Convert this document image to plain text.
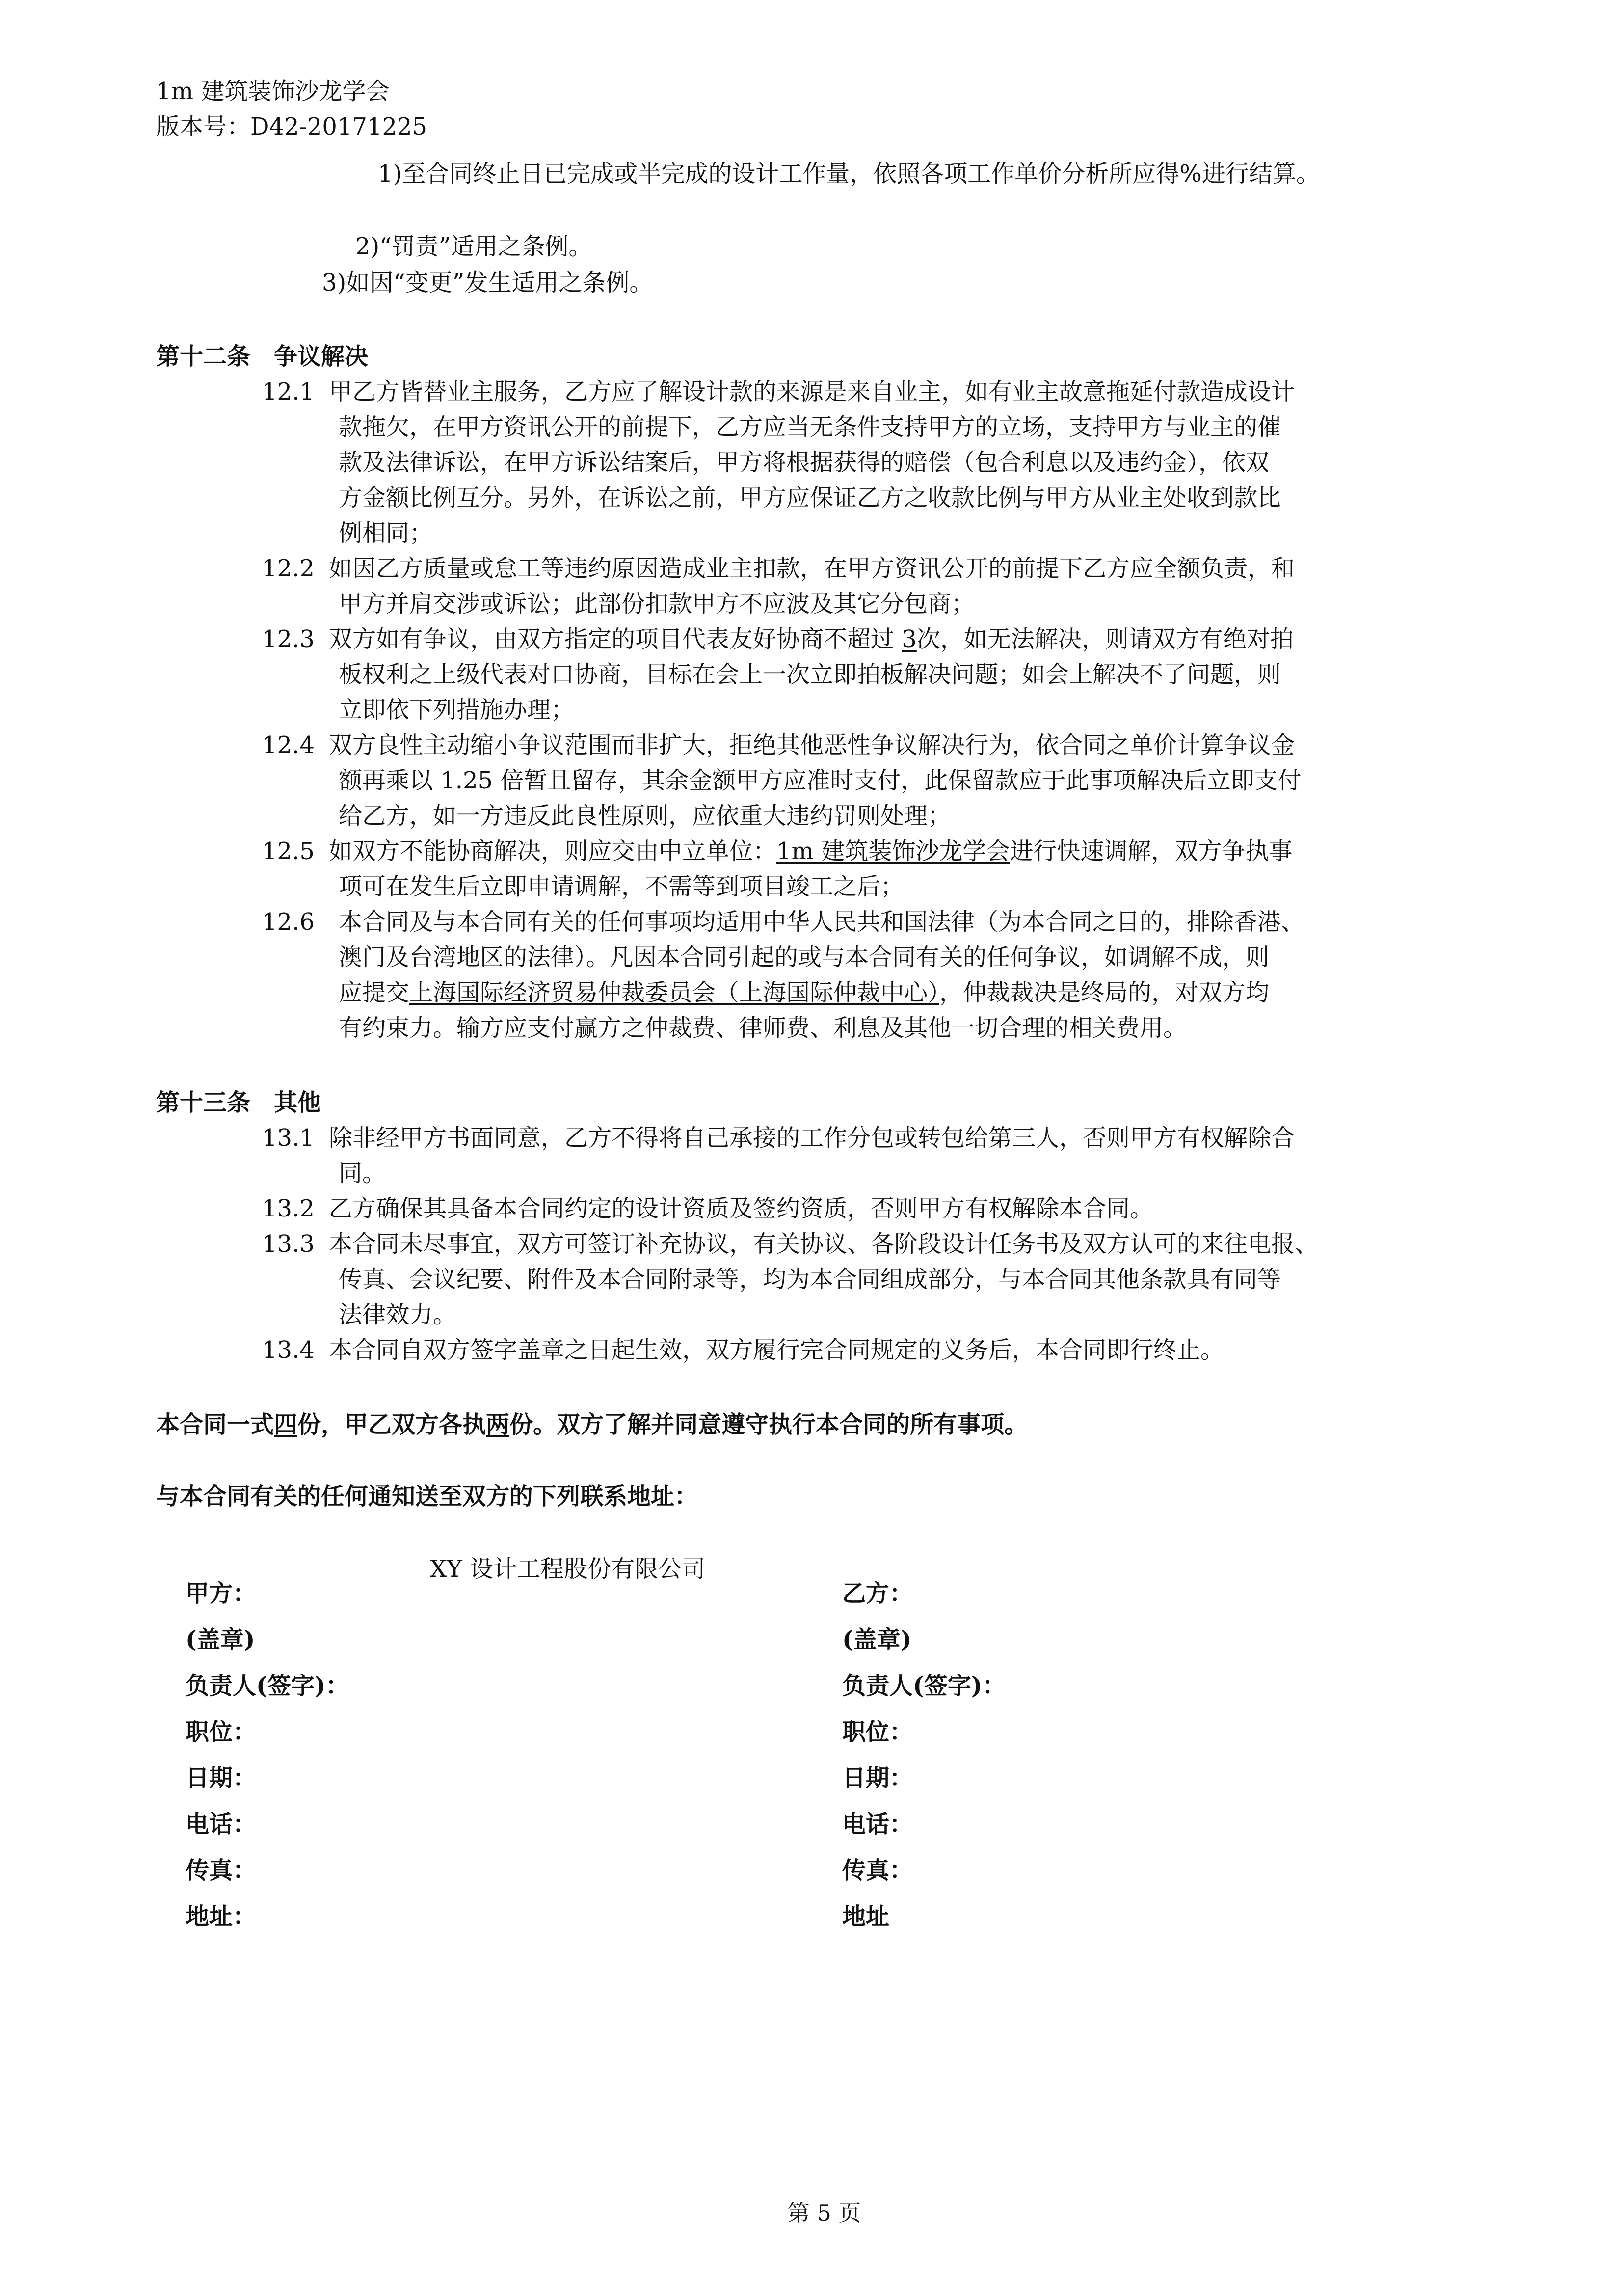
1m 建筑装饰沙龙学会
版本号：D42-20171225
1)至合同终止日已完成或半完成的设计工作量，依照各项工作单价分析所应得%进行结算。
2)“罚责”适用之条例。
3)如因“变更”发生适用之条例。
第十二条　争议解决
12.1 甲乙方皆替业主服务，乙方应了解设计款的来源是来自业主，如有业主故意拖延付款造成设计
款拖欠，在甲方资讯公开的前提下，乙方应当无条件支持甲方的立场，支持甲方与业主的催
款及法律诉讼，在甲方诉讼结案后，甲方将根据获得的赔偿（包合利息以及违约金），依双
方金额比例互分。另外，在诉讼之前，甲方应保证乙方之收款比例与甲方从业主处收到款比
例相同；
12.2 如因乙方质量或怠工等违约原因造成业主扣款，在甲方资讯公开的前提下乙方应全额负责，和
甲方并肩交涉或诉讼；此部份扣款甲方不应波及其它分包商；
12.3 双方如有争议，由双方指定的项目代表友好协商不超过 3次，如无法解决，则请双方有绝对拍
板权利之上级代表对口协商，目标在会上一次立即拍板解决问题；如会上解决不了问题，则
立即依下列措施办理；
12.4 双方良性主动缩小争议范围而非扩大，拒绝其他恶性争议解决行为，依合同之单价计算争议金
额再乘以 1.25 倍暂且留存，其余金额甲方应准时支付，此保留款应于此事项解决后立即支付
给乙方，如一方违反此良性原则，应依重大违约罚则处理；
12.5 如双方不能协商解决，则应交由中立单位：1m 建筑装饰沙龙学会进行快速调解，双方争执事
项可在发生后立即申请调解，不需等到项目竣工之后；
12.6 本合同及与本合同有关的任何事项均适用中华人民共和国法律（为本合同之目的，排除香港、
澳门及台湾地区的法律）。凡因本合同引起的或与本合同有关的任何争议，如调解不成，则
应提交上海国际经济贸易仲裁委员会（上海国际仲裁中心），仲裁裁决是终局的，对双方均
有约束力。输方应支付赢方之仲裁费、律师费、利息及其他一切合理的相关费用。
第十三条　其他
13.1 除非经甲方书面同意，乙方不得将自己承接的工作分包或转包给第三人，否则甲方有权解除合
同。
13.2 乙方确保其具备本合同约定的设计资质及签约资质，否则甲方有权解除本合同。
13.3 本合同未尽事宜，双方可签订补充协议，有关协议、各阶段设计任务书及双方认可的来往电报、
传真、会议纪要、附件及本合同附录等，均为本合同组成部分，与本合同其他条款具有同等
法律效力。
13.4 本合同自双方签字盖章之日起生效，双方履行完合同规定的义务后，本合同即行终止。
本合同一式四份，甲乙双方各执两份。双方了解并同意遵守执行本合同的所有事项。
与本合同有关的任何通知送至双方的下列联系地址：
XY 设计工程股份有限公司
甲方：
(盖章)
负责人(签字)：
职位：
日期：
电话：
传真：
地址：
乙方：
(盖章)
负责人(签字)：
职位：
日期：
电话：
传真：
地址
第 5 页
